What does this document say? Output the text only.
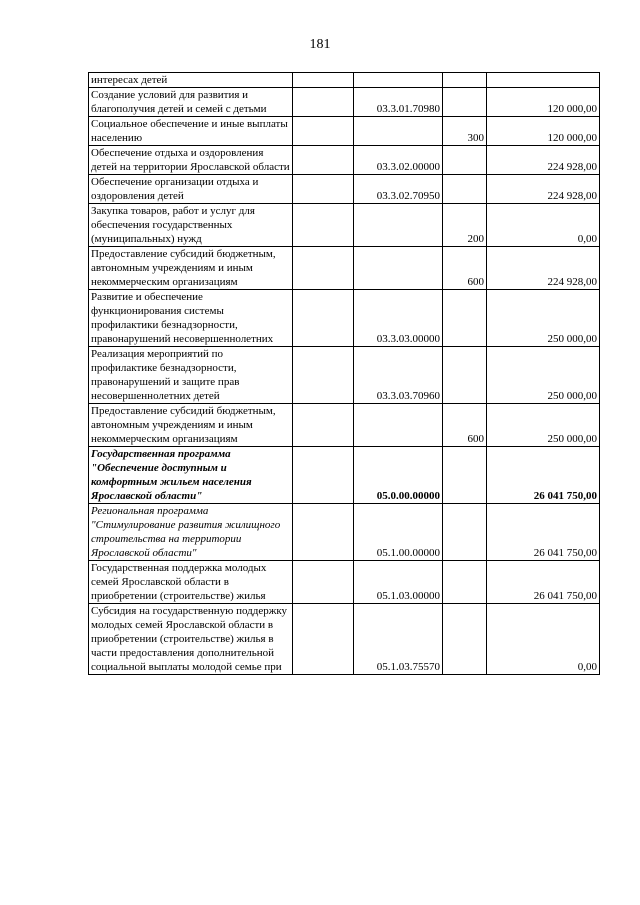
181
интересах детей				
Создание условий для развития и благополучия детей и семей с детьми		03.3.01.70980		120 000,00
Социальное обеспечение и иные выплаты населению			300	120 000,00
Обеспечение отдыха и оздоровления детей на территории Ярославской области		03.3.02.00000		224 928,00
Обеспечение организации отдыха и оздоровления детей		03.3.02.70950		224 928,00
Закупка товаров, работ и услуг для обеспечения государственных (муниципальных) нужд			200	0,00
Предоставление субсидий бюджетным, автономным учреждениям и иным некоммерческим организациям			600	224 928,00
Развитие и обеспечение функционирования системы профилактики безнадзорности, правонарушений несовершеннолетних		03.3.03.00000		250 000,00
Реализация мероприятий по профилактике безнадзорности, правонарушений и защите прав несовершеннолетних детей		03.3.03.70960		250 000,00
Предоставление субсидий бюджетным, автономным учреждениям и иным некоммерческим организациям			600	250 000,00
Государственная программа "Обеспечение доступным и комфортным жильем населения Ярославской области"		05.0.00.00000		26 041 750,00
Региональная программа "Стимулирование развития жилищного строительства на территории Ярославской области"		05.1.00.00000		26 041 750,00
Государственная поддержка молодых семей Ярославской области в приобретении (строительстве) жилья		05.1.03.00000		26 041 750,00
Субсидия на государственную поддержку молодых семей Ярославской области в приобретении (строительстве) жилья в части предоставления дополнительной социальной выплаты молодой семье при		05.1.03.75570		0,00
